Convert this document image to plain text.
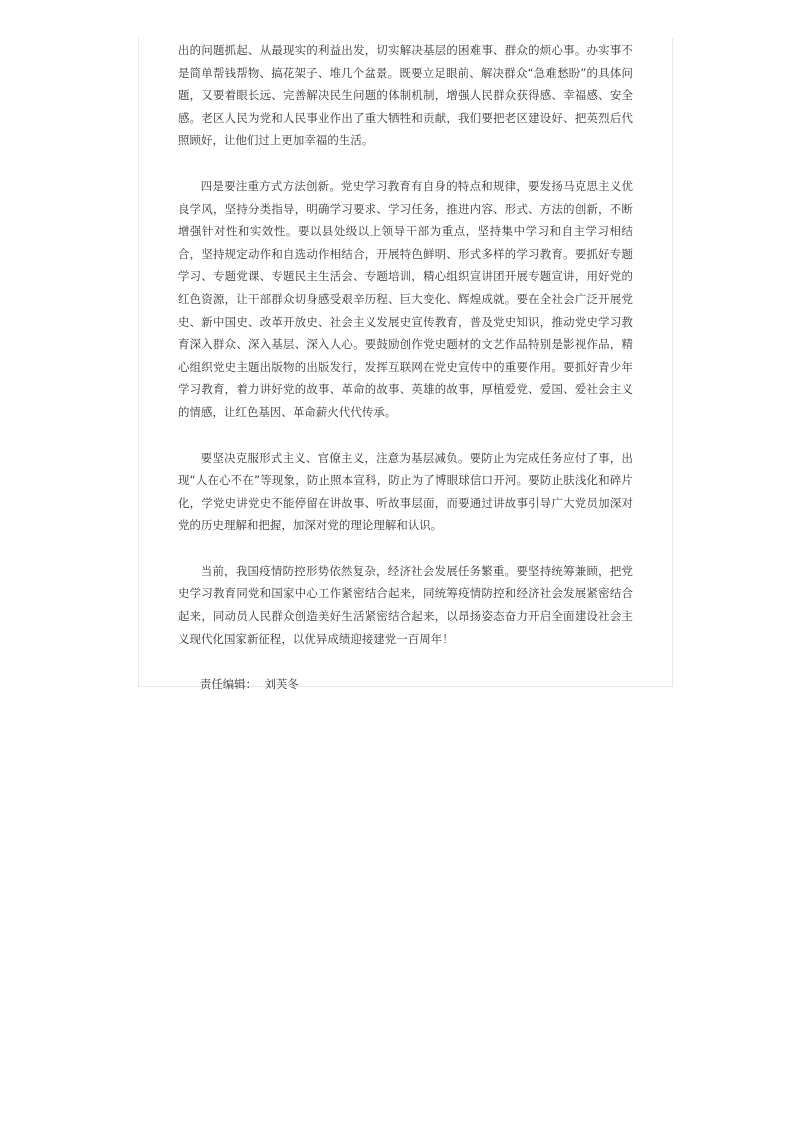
出的问题抓起、从最现实的利益出发，切实解决基层的困难事、群众的烦心事。办实事不是简单帮钱帮物、搞花架子、堆几个盆景。既要立足眼前、解决群众“急难愁盼”的具体问题，又要着眼长远、完善解决民生问题的体制机制，增强人民群众获得感、幸福感、安全感。老区人民为党和人民事业作出了重大牺牲和贡献，我们要把老区建设好、把英烈后代照顾好，让他们过上更加幸福的生活。

四是要注重方式方法创新。党史学习教育有自身的特点和规律，要发扬马克思主义优良学风，坚持分类指导，明确学习要求、学习任务，推进内容、形式、方法的创新，不断增强针对性和实效性。要以县处级以上领导干部为重点，坚持集中学习和自主学习相结合，坚持规定动作和自选动作相结合，开展特色鲜明、形式多样的学习教育。要抓好专题学习、专题党课、专题民主生活会、专题培训，精心组织宣讲团开展专题宣讲，用好党的红色资源，让干部群众切身感受艰辛历程、巨大变化、辉煌成就。要在全社会广泛开展党史、新中国史、改革开放史、社会主义发展史宣传教育，普及党史知识，推动党史学习教育深入群众、深入基层、深入人心。要鼓励创作党史题材的文艺作品特别是影视作品，精心组织党史主题出版物的出版发行，发挥互联网在党史宣传中的重要作用。要抓好青少年学习教育，着力讲好党的故事、革命的故事、英雄的故事，厚植爱党、爱国、爱社会主义的情感，让红色基因、革命薪火代代传承。

要坚决克服形式主义、官僚主义，注意为基层减负。要防止为完成任务应付了事，出现“人在心不在”等现象，防止照本宣科，防止为了博眼球信口开河。要防止肤浅化和碎片化，学党史讲党史不能停留在讲故事、听故事层面，而要通过讲故事引导广大党员加深对党的历史理解和把握，加深对党的理论理解和认识。

当前，我国疫情防控形势依然复杂，经济社会发展任务繁重。要坚持统筹兼顾，把党史学习教育同党和国家中心工作紧密结合起来，同统筹疫情防控和经济社会发展紧密结合起来，同动员人民群众创造美好生活紧密结合起来，以昂扬姿态奋力开启全面建设社会主义现代化国家新征程，以优异成绩迎接建党一百周年！

责任编辑： 刘芙冬
